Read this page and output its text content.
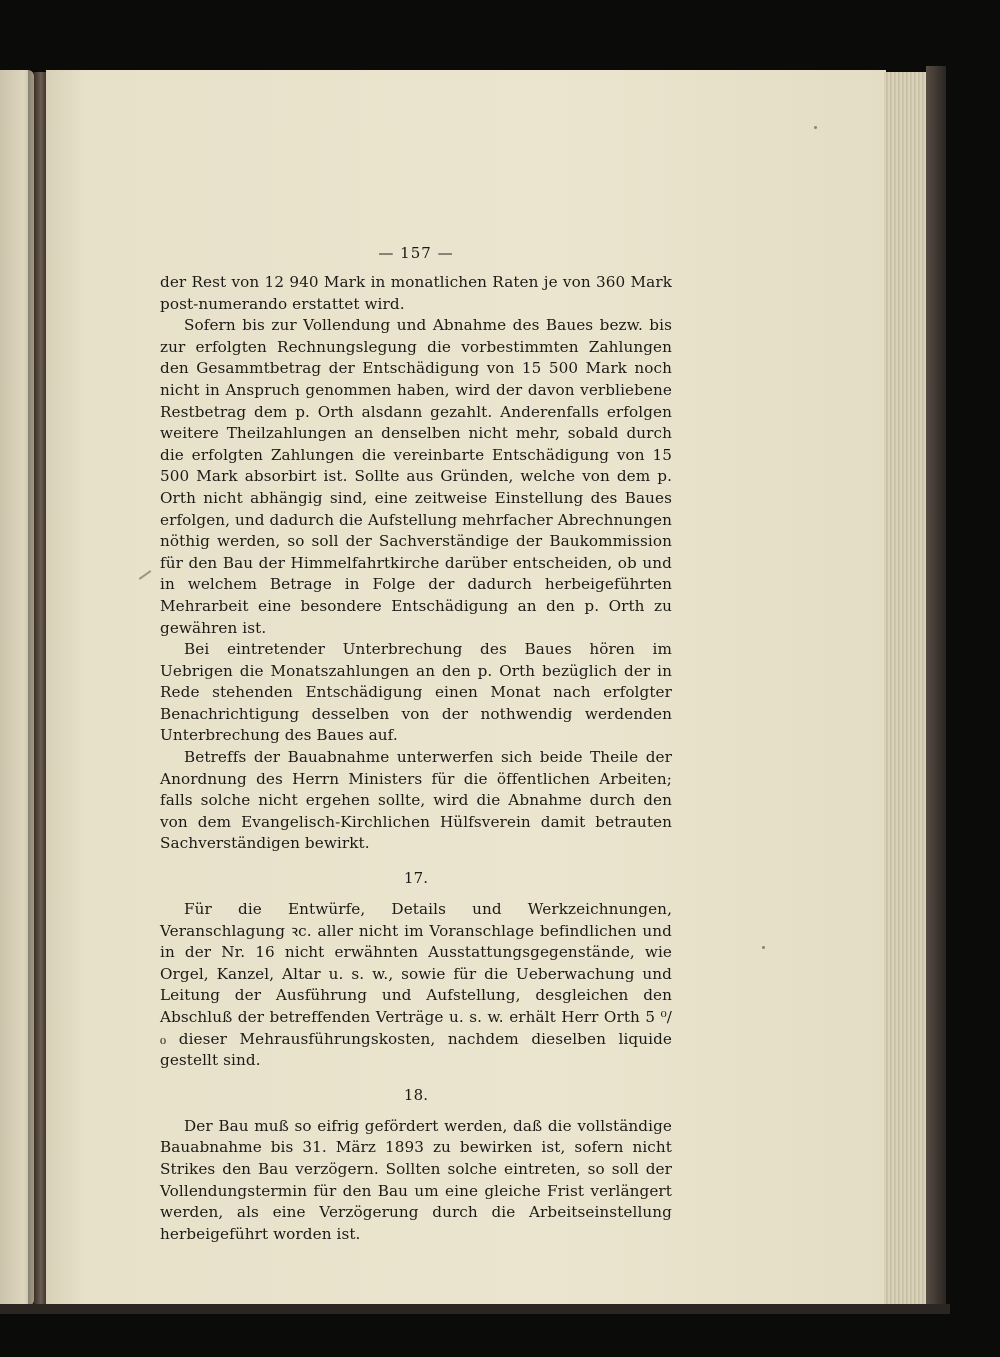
— 157 —

der Rest von 12 940 Mark in monatlichen Raten je von 360 Mark post-numerando erstattet wird.

Sofern bis zur Vollendung und Abnahme des Baues bezw. bis zur erfolgten Rechnungslegung die vorbestimmten Zahlungen den Gesammtbetrag der Entschädigung von 15 500 Mark noch nicht in Anspruch genommen haben, wird der davon verbliebene Restbetrag dem p. Orth alsdann gezahlt. Anderenfalls erfolgen weitere Theilzahlungen an denselben nicht mehr, sobald durch die erfolgten Zahlungen die vereinbarte Entschädigung von 15 500 Mark absorbirt ist. Sollte aus Gründen, welche von dem p. Orth nicht abhängig sind, eine zeitweise Einstellung des Baues erfolgen, und dadurch die Aufstellung mehrfacher Abrechnungen nöthig werden, so soll der Sachverständige der Baukommission für den Bau der Himmelfahrtkirche darüber entscheiden, ob und in welchem Betrage in Folge der dadurch herbeigeführten Mehrarbeit eine besondere Entschädigung an den p. Orth zu gewähren ist.

Bei eintretender Unterbrechung des Baues hören im Uebrigen die Monatszahlungen an den p. Orth bezüglich der in Rede stehenden Entschädigung einen Monat nach erfolgter Benachrichtigung desselben von der nothwendig werdenden Unterbrechung des Baues auf.

Betreffs der Bauabnahme unterwerfen sich beide Theile der Anordnung des Herrn Ministers für die öffentlichen Arbeiten; falls solche nicht ergehen sollte, wird die Abnahme durch den von dem Evangelisch-Kirchlichen Hülfsverein damit betrauten Sachverständigen bewirkt.

17.

Für die Entwürfe, Details und Werkzeichnungen, Veranschlagung ꝛc. aller nicht im Voranschlage befindlichen und in der Nr. 16 nicht erwähnten Ausstattungsgegenstände, wie Orgel, Kanzel, Altar u. s. w., sowie für die Ueberwachung und Leitung der Ausführung und Aufstellung, desgleichen den Abschluß der betreffenden Verträge u. s. w. erhält Herr Orth 5 ⁰/₀ dieser Mehrausführungskosten, nachdem dieselben liquide gestellt sind.

18.

Der Bau muß so eifrig gefördert werden, daß die vollständige Bauabnahme bis 31. März 1893 zu bewirken ist, sofern nicht Strikes den Bau verzögern. Sollten solche eintreten, so soll der Vollendungstermin für den Bau um eine gleiche Frist verlängert werden, als eine Verzögerung durch die Arbeitseinstellung herbeigeführt worden ist.
